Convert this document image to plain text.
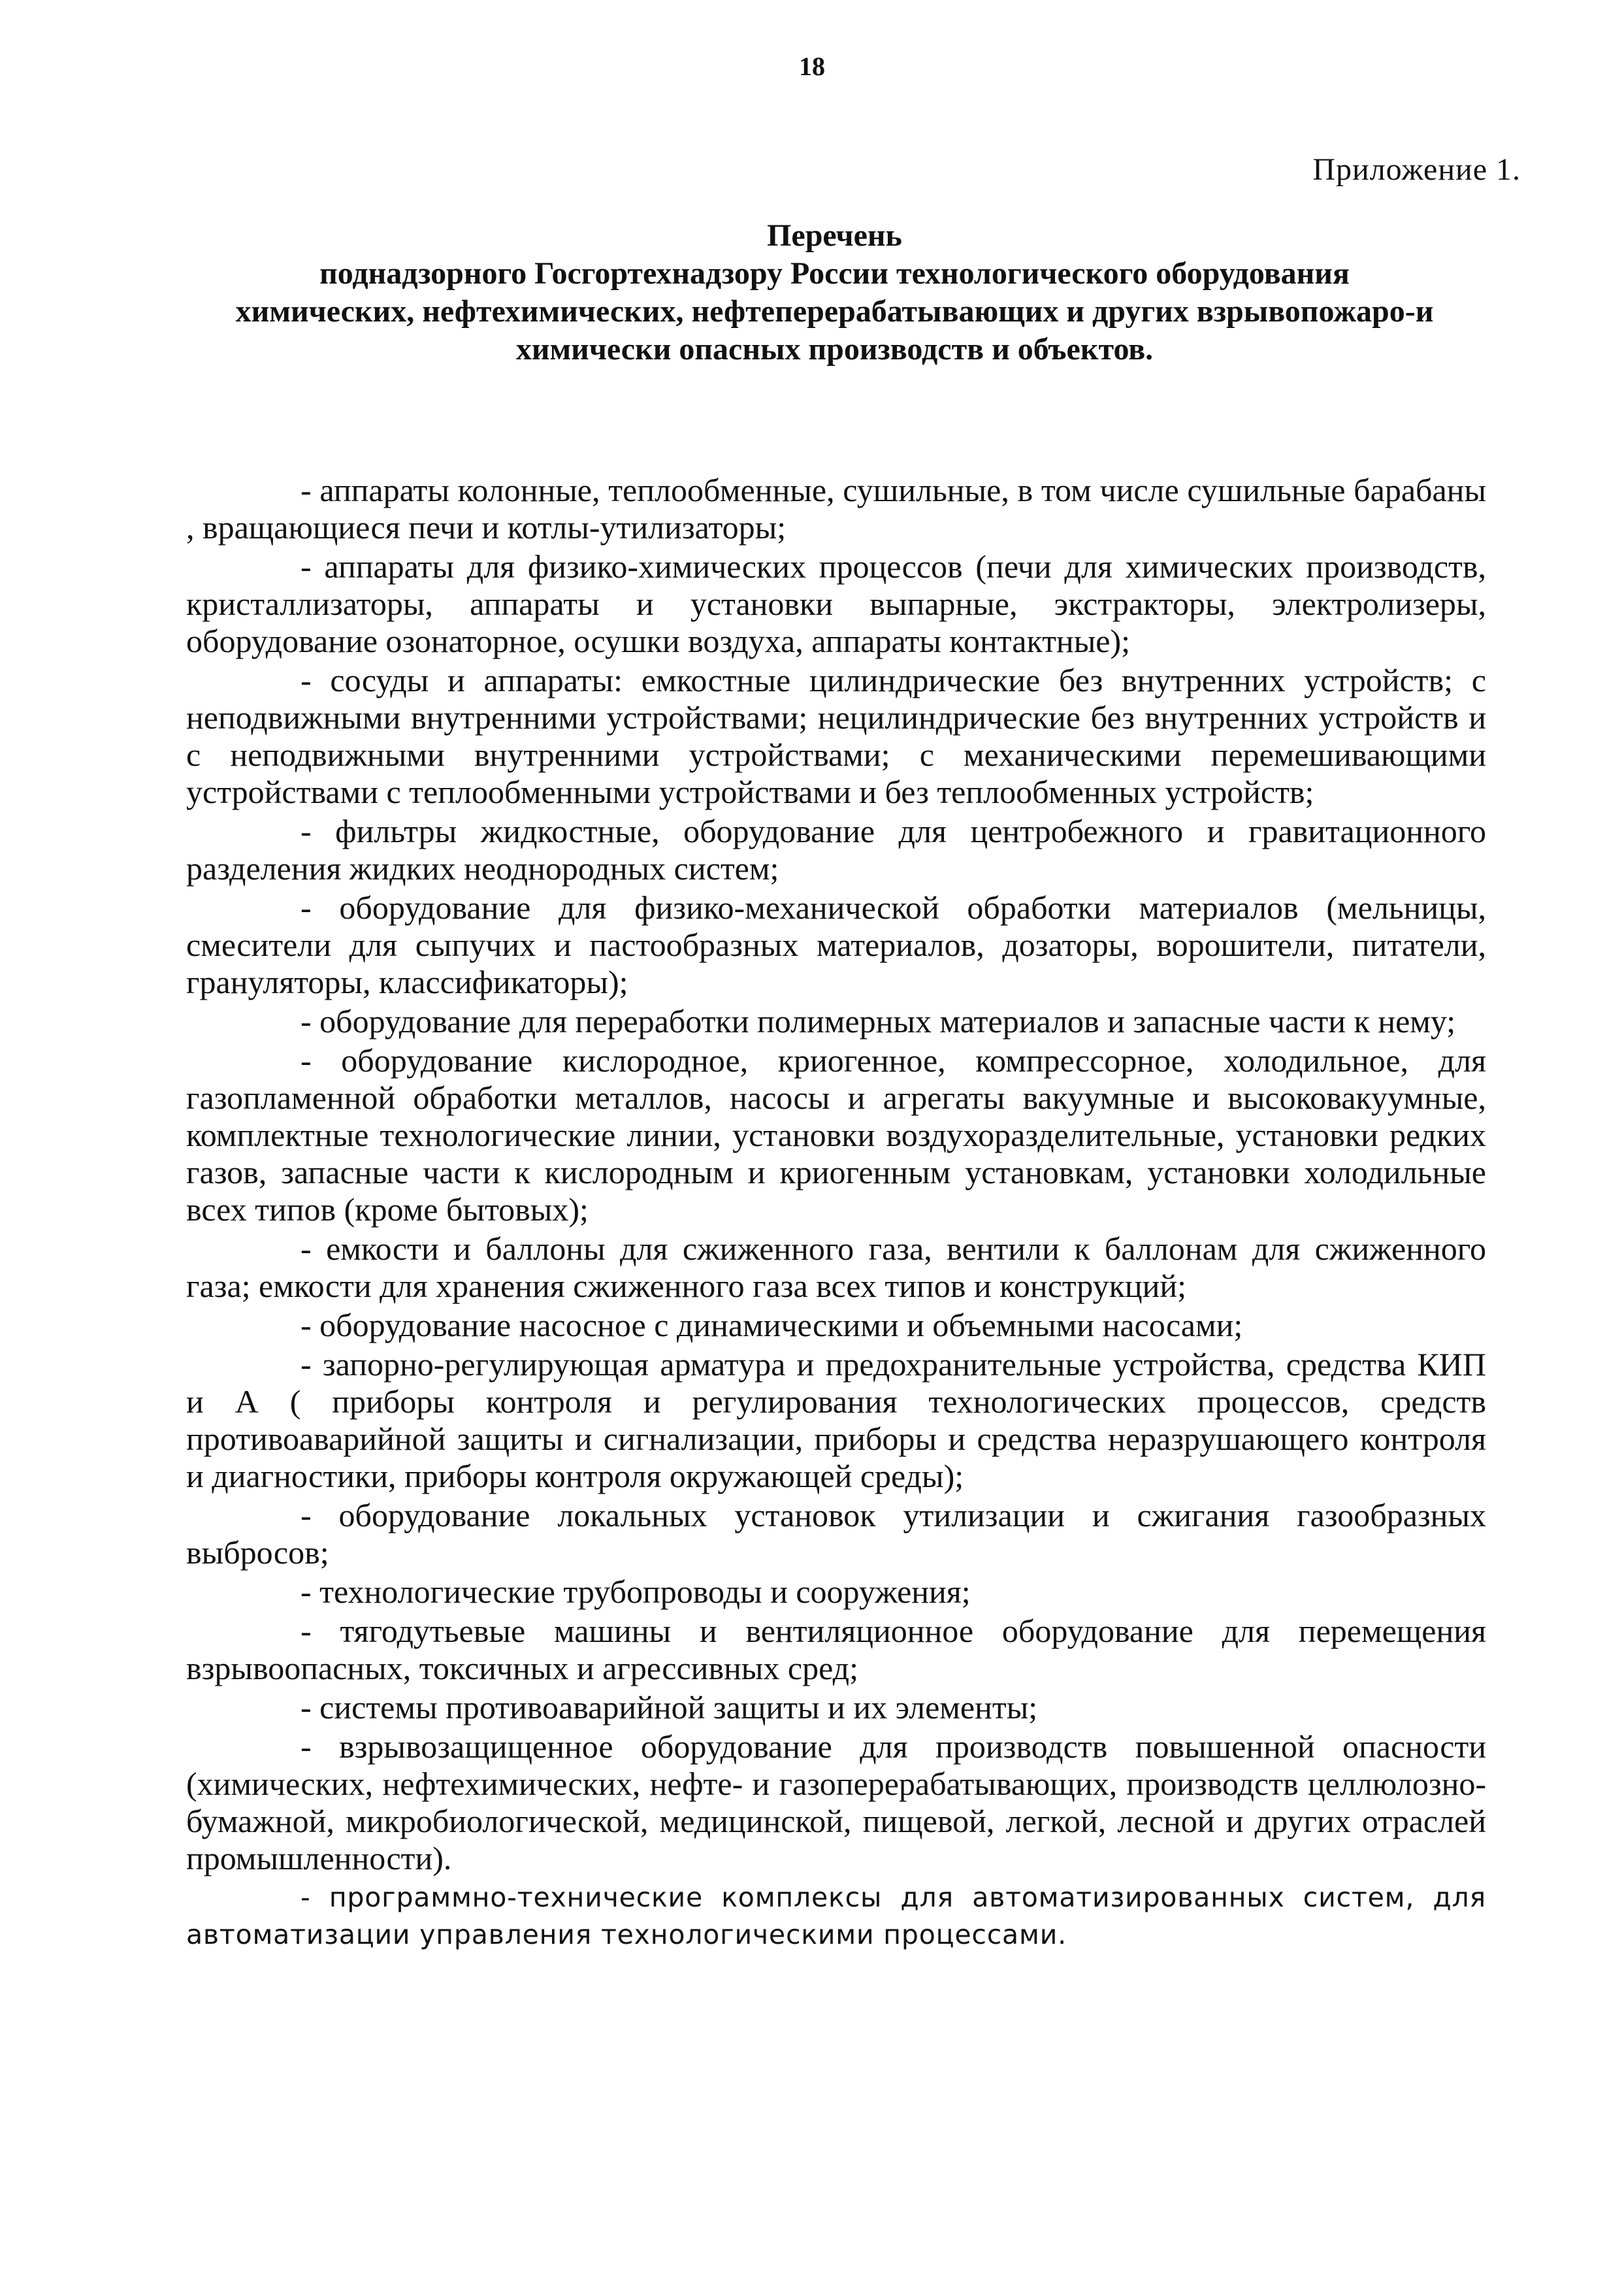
18
Приложение 1.
Перечень
поднадзорного Госгортехнадзору России технологического оборудования
химических, нефтехимических, нефтеперерабатывающих и других взрывопожаро-и
химически опасных производств и объектов.

- аппараты колонные, теплообменные, сушильные, в том числе сушильные барабаны , вращающиеся печи и котлы-утилизаторы;

- аппараты для физико-химических процессов (печи для химических производств, кристаллизаторы, аппараты и установки выпарные, экстракторы, электролизеры, оборудование озонаторное, осушки воздуха, аппараты контактные);

- сосуды и аппараты: емкостные цилиндрические без внутренних устройств; с неподвижными внутренними устройствами; нецилиндрические без внутренних устройств и с неподвижными внутренними устройствами; с механическими перемешивающими устройствами с теплообменными устройствами и без теплообменных устройств;

- фильтры жидкостные, оборудование для центробежного и гравитационного разделения жидких неоднородных систем;

- оборудование для физико-механической обработки материалов (мельницы, смесители для сыпучих и пастообразных материалов, дозаторы, ворошители, питатели, грануляторы, классификаторы);

- оборудование для переработки полимерных материалов и запасные части к нему;

- оборудование кислородное, криогенное, компрессорное, холодильное, для газопламенной обработки металлов, насосы и агрегаты вакуумные и высоковакуумные, комплектные технологические линии, установки воздухоразделительные, установки редких газов, запасные части к кислородным и криогенным установкам, установки холодильные всех типов (кроме бытовых);

- емкости и баллоны для сжиженного газа, вентили к баллонам для сжиженного газа; емкости для хранения сжиженного газа всех типов и конструкций;

- оборудование насосное с динамическими и объемными насосами;

- запорно-регулирующая арматура и предохранительные устройства, средства КИП и А ( приборы контроля и регулирования технологических процессов, средств противоаварийной защиты и сигнализации, приборы и средства неразрушающего контроля и диагностики, приборы контроля окружающей среды);

- оборудование локальных установок утилизации и сжигания газообразных выбросов;

- технологические трубопроводы и сооружения;

- тягодутьевые машины и вентиляционное оборудование для перемещения взрывоопасных, токсичных и агрессивных сред;

- системы противоаварийной защиты и их элементы;

- взрывозащищенное оборудование для производств повышенной опасности (химических, нефтехимических, нефте- и газоперерабатывающих, производств целлюлозно-бумажной, микробиологической, медицинской, пищевой, легкой, лесной и других отраслей промышленности).

- программно-технические комплексы для автоматизированных систем, для автоматизации управления технологическими процессами.
